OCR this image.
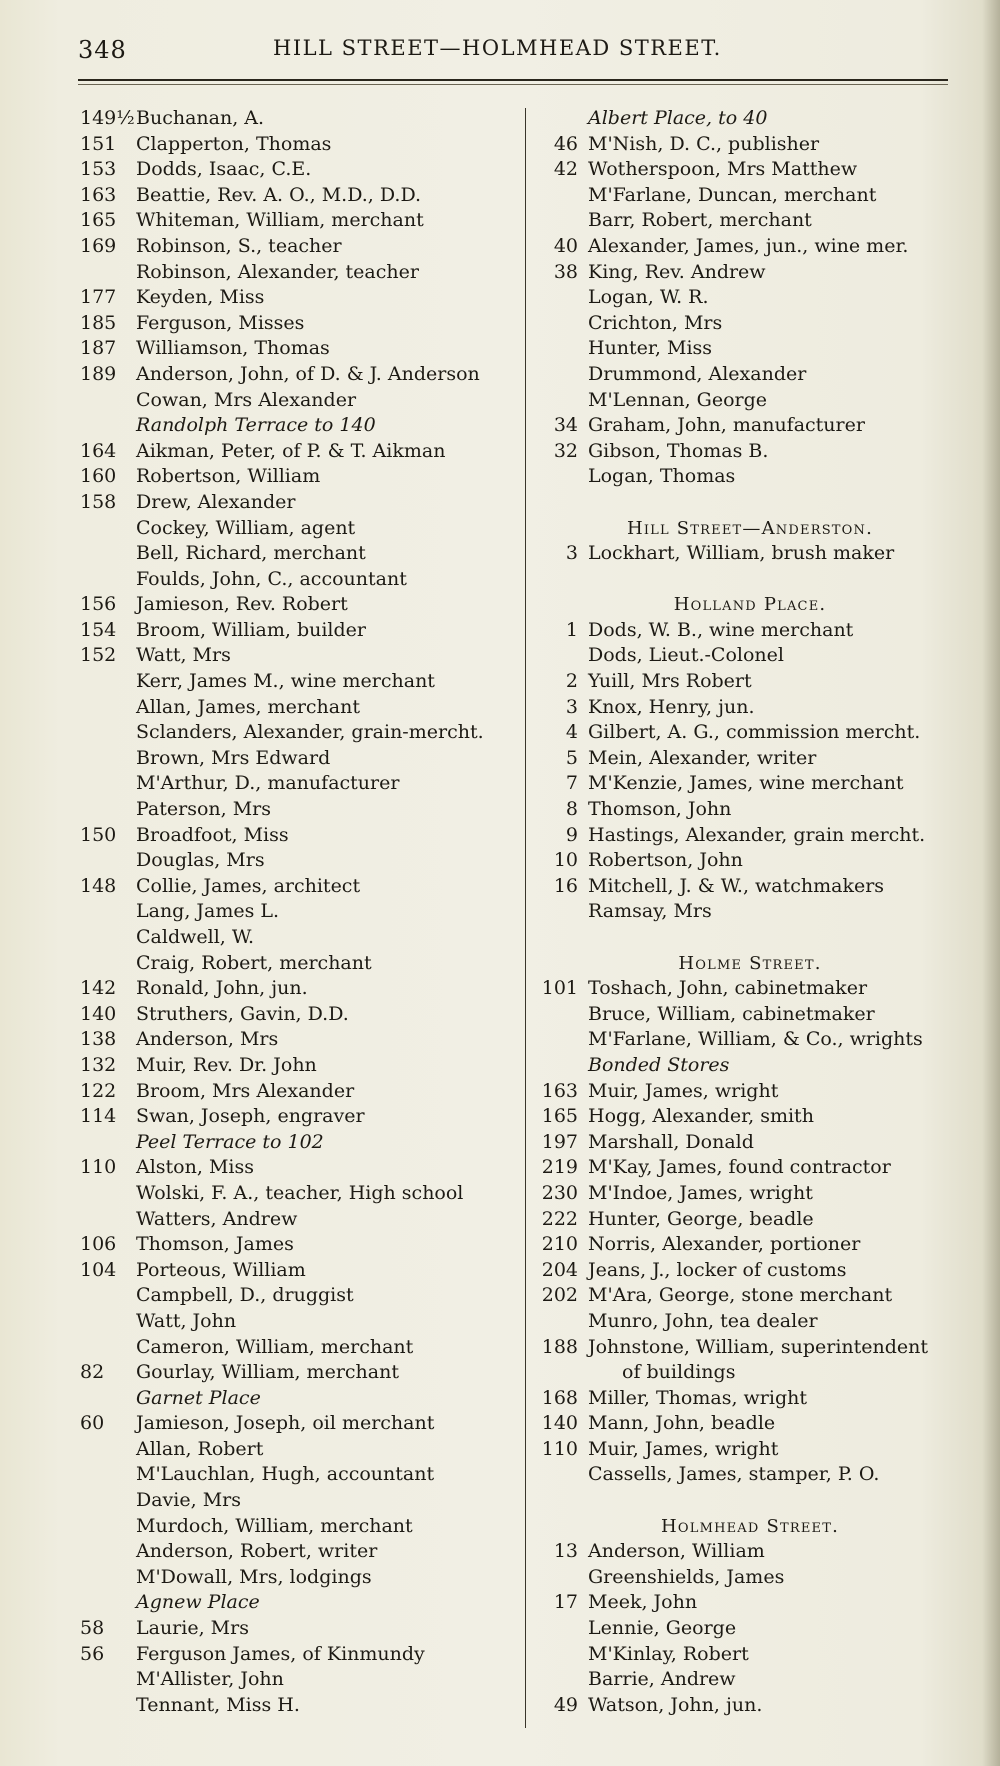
348	HILL STREET—HOLMHEAD STREET.
149½ Buchanan, A.
151	Clapperton, Thomas
153	Dodds, Isaac, C.E.
163	Beattie, Rev. A. O., M.D., D.D.
165	Whiteman, William, merchant
169	Robinson, S., teacher
Robinson, Alexander, teacher
177	Keyden, Miss
185	Ferguson, Misses
187	Williamson, Thomas
189	Anderson, John, of D. & J. Anderson
Cowan, Mrs Alexander
Randolph Terrace to 140
164	Aikman, Peter, of P. & T. Aikman
160	Robertson, William
158	Drew, Alexander
Cockey, William, agent
Bell, Richard, merchant
Foulds, John, C., accountant
156	Jamieson, Rev. Robert
154	Broom, William, builder
152	Watt, Mrs
Kerr, James M., wine merchant
Allan, James, merchant
Sclanders, Alexander, grain-mercht.
Brown, Mrs Edward
M'Arthur, D., manufacturer
Paterson, Mrs
150	Broadfoot, Miss
Douglas, Mrs
148	Collie, James, architect
Lang, James L.
Caldwell, W.
Craig, Robert, merchant
142	Ronald, John, jun.
140	Struthers, Gavin, D.D.
138	Anderson, Mrs
132	Muir, Rev. Dr. John
122	Broom, Mrs Alexander
114	Swan, Joseph, engraver
Peel Terrace to 102
110	Alston, Miss
Wolski, F. A., teacher, High school
Watters, Andrew
106	Thomson, James
104	Porteous, William
Campbell, D., druggist
Watt, John
Cameron, William, merchant
82	Gourlay, William, merchant
Garnet Place
60	Jamieson, Joseph, oil merchant
Allan, Robert
M'Lauchlan, Hugh, accountant
Davie, Mrs
Murdoch, William, merchant
Anderson, Robert, writer
M'Dowall, Mrs, lodgings
Agnew Place
58	Laurie, Mrs
56	Ferguson James, of Kinmundy
M'Allister, John
Tennant, Miss H.
Albert Place, to 40
46 M'Nish, D. C., publisher
42 Wotherspoon, Mrs Matthew
M'Farlane, Duncan, merchant
Barr, Robert, merchant
40 Alexander, James, jun., wine mer.
38 King, Rev. Andrew
Logan, W. R.
Crichton, Mrs
Hunter, Miss
Drummond, Alexander
M'Lennan, George
34 Graham, John, manufacturer
32 Gibson, Thomas B.
Logan, Thomas
Hill Street—Anderston.
3 Lockhart, William, brush maker
Holland Place.
1 Dods, W. B., wine merchant
Dods, Lieut.-Colonel
2 Yuill, Mrs Robert
3 Knox, Henry, jun.
4 Gilbert, A. G., commission mercht.
5 Mein, Alexander, writer
7 M'Kenzie, James, wine merchant
8 Thomson, John
9 Hastings, Alexander, grain mercht.
10 Robertson, John
16 Mitchell, J. & W., watchmakers
Ramsay, Mrs
Holme Street.
101 Toshach, John, cabinetmaker
Bruce, William, cabinetmaker
M'Farlane, William, & Co., wrights
Bonded Stores
163 Muir, James, wright
165 Hogg, Alexander, smith
197 Marshall, Donald
219 M'Kay, James, found contractor
230 M'Indoe, James, wright
222 Hunter, George, beadle
210 Norris, Alexander, portioner
204 Jeans, J., locker of customs
202 M'Ara, George, stone merchant
Munro, John, tea dealer
188 Johnstone, William, superintendent
of buildings
168 Miller, Thomas, wright
140 Mann, John, beadle
110 Muir, James, wright
Cassells, James, stamper, P. O.
Holmhead Street.
13 Anderson, William
Greenshields, James
17 Meek, John
Lennie, George
M'Kinlay, Robert
Barrie, Andrew
49 Watson, John, jun.
